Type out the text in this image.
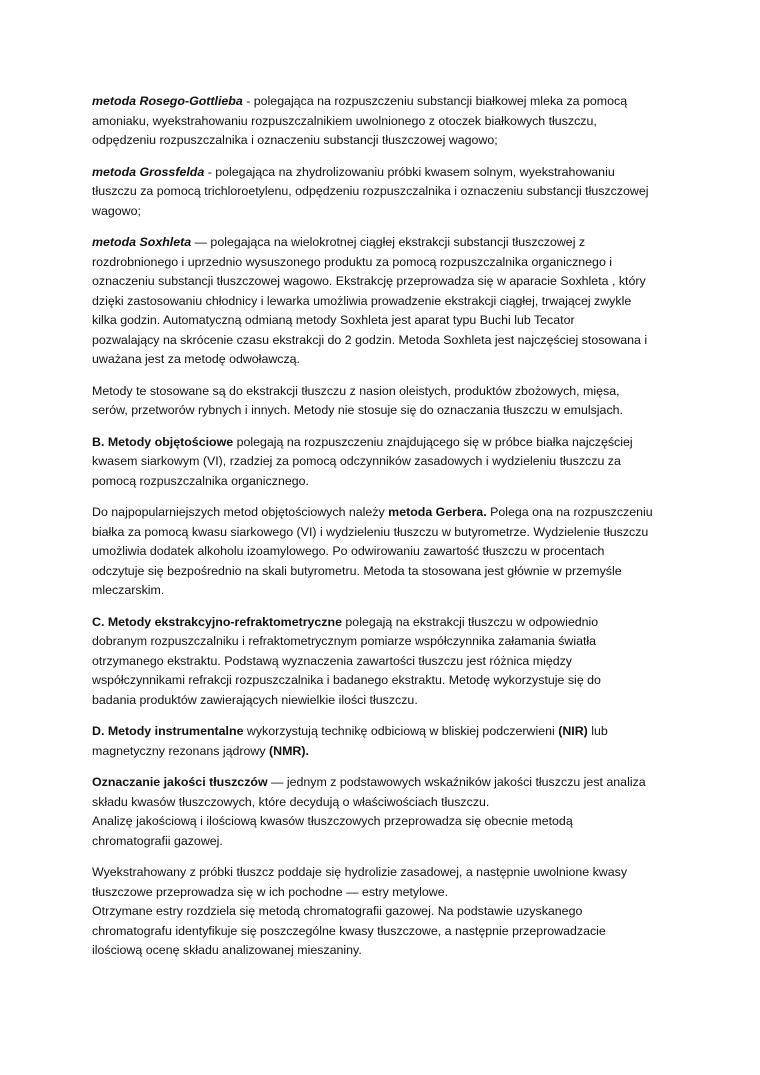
metoda Rosego-Gottlieba - polegająca na rozpuszczeniu substancji białkowej mleka za pomocą
amoniaku, wyekstrahowaniu rozpuszczalnikiem uwolnionego z otoczek białkowych tłuszczu,
odpędzeniu rozpuszczalnika i oznaczeniu substancji tłuszczowej wagowo;

metoda Grossfelda - polegająca na zhydrolizowaniu próbki kwasem solnym, wyekstrahowaniu
tłuszczu za pomocą trichloroetylenu, odpędzeniu rozpuszczalnika i oznaczeniu substancji tłuszczowej
wagowo;

metoda Soxhleta — polegająca na wielokrotnej ciągłej ekstrakcji substancji tłuszczowej z
rozdrobnionego i uprzednio wysuszonego produktu za pomocą rozpuszczalnika organicznego i
oznaczeniu substancji tłuszczowej wagowo. Ekstrakcję przeprowadza się w aparacie Soxhleta , który
dzięki zastosowaniu chłodnicy i lewarka umożliwia prowadzenie ekstrakcji ciągłej, trwającej zwykle
kilka godzin. Automatyczną odmianą metody Soxhleta jest aparat typu Buchi lub Tecator
pozwalający na skrócenie czasu ekstrakcji do 2 godzin. Metoda Soxhleta jest najczęściej stosowana i
uważana jest za metodę odwoławczą.

Metody te stosowane są do ekstrakcji tłuszczu z nasion oleistych, produktów zbożowych, mięsa,
serów, przetworów rybnych i innych. Metody nie stosuje się do oznaczania tłuszczu w emulsjach.

B. Metody objętościowe polegają na rozpuszczeniu znajdującego się w próbce białka najczęściej
kwasem siarkowym (VI), rzadziej za pomocą odczynników zasadowych i wydzieleniu tłuszczu za
pomocą rozpuszczalnika organicznego.

Do najpopularniejszych metod objętościowych należy metoda Gerbera. Polega ona na rozpuszczeniu
białka za pomocą kwasu siarkowego (VI) i wydzieleniu tłuszczu w butyrometrze. Wydzielenie tłuszczu
umożliwia dodatek alkoholu izoamylowego. Po odwirowaniu zawartość tłuszczu w procentach
odczytuje się bezpośrednio na skali butyrometru. Metoda ta stosowana jest głównie w przemyśle
mleczarskim.

C. Metody ekstrakcyjno-refraktometryczne polegają na ekstrakcji tłuszczu w odpowiednio
dobranym rozpuszczalniku i refraktometrycznym pomiarze współczynnika załamania światła
otrzymanego ekstraktu. Podstawą wyznaczenia zawartości tłuszczu jest różnica między
współczynnikami refrakcji rozpuszczalnika i badanego ekstraktu. Metodę wykorzystuje się do
badania produktów zawierających niewielkie ilości tłuszczu.

D. Metody instrumentalne wykorzystują technikę odbiciową w bliskiej podczerwieni (NIR) lub
magnetyczny rezonans jądrowy (NMR).

Oznaczanie jakości tłuszczów — jednym z podstawowych wskaźników jakości tłuszczu jest analiza
składu kwasów tłuszczowych, które decydują o właściwościach tłuszczu.
Analizę jakościową i ilościową kwasów tłuszczowych przeprowadza się obecnie metodą
chromatografii gazowej.

Wyekstrahowany z próbki tłuszcz poddaje się hydrolizie zasadowej, a następnie uwolnione kwasy
tłuszczowe przeprowadza się w ich pochodne — estry metylowe.
Otrzymane estry rozdziela się metodą chromatografii gazowej. Na podstawie uzyskanego
chromatografu identyfikuje się poszczególne kwasy tłuszczowe, a następnie przeprowadzacie
ilościową ocenę składu analizowanej mieszaniny.
